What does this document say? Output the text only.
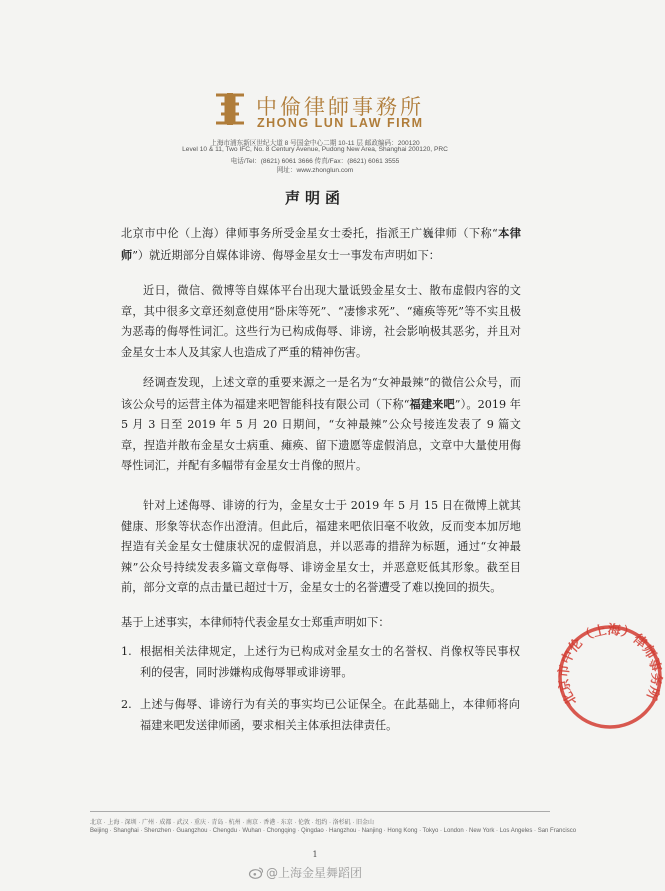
中倫律師事務所
ZHONG LUN LAW FIRM
上海市浦东新区世纪大道 8 号国金中心二期 10-11 层 邮政编码：200120
Level 10 & 11, Two IFC, No. 8 Century Avenue, Pudong New Area, Shanghai 200120, PRC
电话/Tel：(8621) 6061 3666 传真/Fax：(8621) 6061 3555
网址：www.zhonglun.com
声明函

北京市中伦（上海）律师事务所受金星女士委托，指派王广巍律师（下称“本律师”）就近期部分自媒体诽谤、侮辱金星女士一事发布声明如下：

近日，微信、微博等自媒体平台出现大量诋毁金星女士、散布虚假内容的文章，其中很多文章还刻意使用“卧床等死”、“凄惨求死”、“瘫痪等死”等不实且极为恶毒的侮辱性词汇。这些行为已构成侮辱、诽谤，社会影响极其恶劣，并且对金星女士本人及其家人也造成了严重的精神伤害。

经调查发现，上述文章的重要来源之一是名为“女神最辣”的微信公众号，而该公众号的运营主体为福建来吧智能科技有限公司（下称“福建来吧”）。2019 年 5 月 3 日至 2019 年 5 月 20 日期间，“女神最辣”公众号接连发表了 9 篇文章，捏造并散布金星女士病重、瘫痪、留下遗愿等虚假消息，文章中大量使用侮辱性词汇，并配有多幅带有金星女士肖像的照片。

针对上述侮辱、诽谤的行为，金星女士于 2019 年 5 月 15 日在微博上就其健康、形象等状态作出澄清。但此后，福建来吧依旧毫不收敛，反而变本加厉地捏造有关金星女士健康状况的虚假消息，并以恶毒的措辞为标题，通过“女神最辣”公众号持续发表多篇文章侮辱、诽谤金星女士，并恶意贬低其形象。截至目前，部分文章的点击量已超过十万，金星女士的名誉遭受了难以挽回的损失。

基于上述事实，本律师特代表金星女士郑重声明如下：

1. 根据相关法律规定，上述行为已构成对金星女士的名誉权、肖像权等民事权利的侵害，同时涉嫌构成侮辱罪或诽谤罪。
2. 上述与侮辱、诽谤行为有关的事实均已公证保全。在此基础上，本律师将向福建来吧发送律师函，要求相关主体承担法律责任。
北京市中伦（上海）律师事务所
北京 · 上海 · 深圳 · 广州 · 成都 · 武汉 · 重庆 · 青岛 · 杭州 · 南京 · 香港 · 东京 · 伦敦 · 纽约 · 洛杉矶 · 旧金山
Beijing · Shanghai · Shenzhen · Guangzhou · Chengdu · Wuhan · Chongqing · Qingdao · Hangzhou · Nanjing · Hong Kong · Tokyo · London · New York · Los Angeles · San Francisco
1
@上海金星舞蹈团
